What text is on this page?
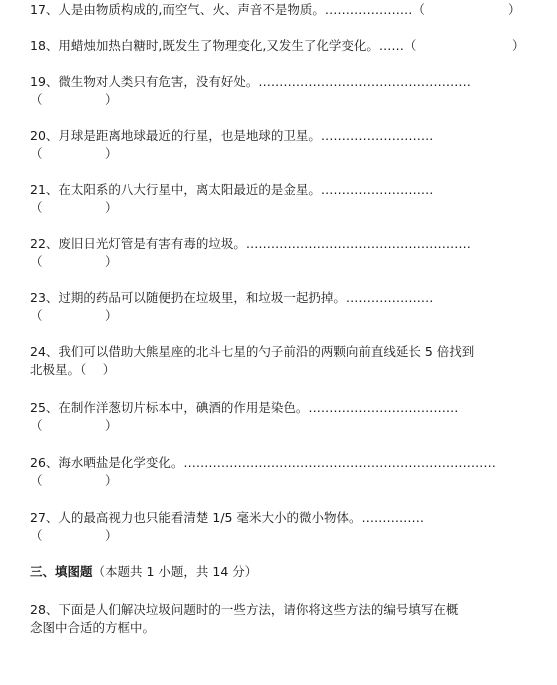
17、人是由物质构成的,而空气、火、声音不是物质。…………………（	）
18、用蜡烛加热白糖时,既发生了物理变化,又发生了化学变化。……（	）
19、微生物对人类只有危害，没有好处。……………………………………………
（　　　　　）
20、月球是距离地球最近的行星，也是地球的卫星。………………………
（　　　　　）
21、在太阳系的八大行星中，离太阳最近的是金星。………………………
（　　　　　）
22、废旧日光灯管是有害有毒的垃圾。………………………………………………
（　　　　　）
23、过期的药品可以随便扔在垃圾里，和垃圾一起扔掉。…………………
（　　　　　）
24、我们可以借助大熊星座的北斗七星的勺子前沿的两颗向前直线延长 5 倍找到
北极星。（　 ）
25、在制作洋葱切片标本中，碘酒的作用是染色。………………………………
（　　　　　）
26、海水晒盐是化学变化。…………………………………………………………………
（　　　　　）
27、人的最高视力也只能看清楚 1/5 毫米大小的微小物体。……………
（　　　　　）
三、填图题（本题共 1 小题，共 14 分）
28、下面是人们解决垃圾问题时的一些方法，请你将这些方法的编号填写在概
念图中合适的方框中。
